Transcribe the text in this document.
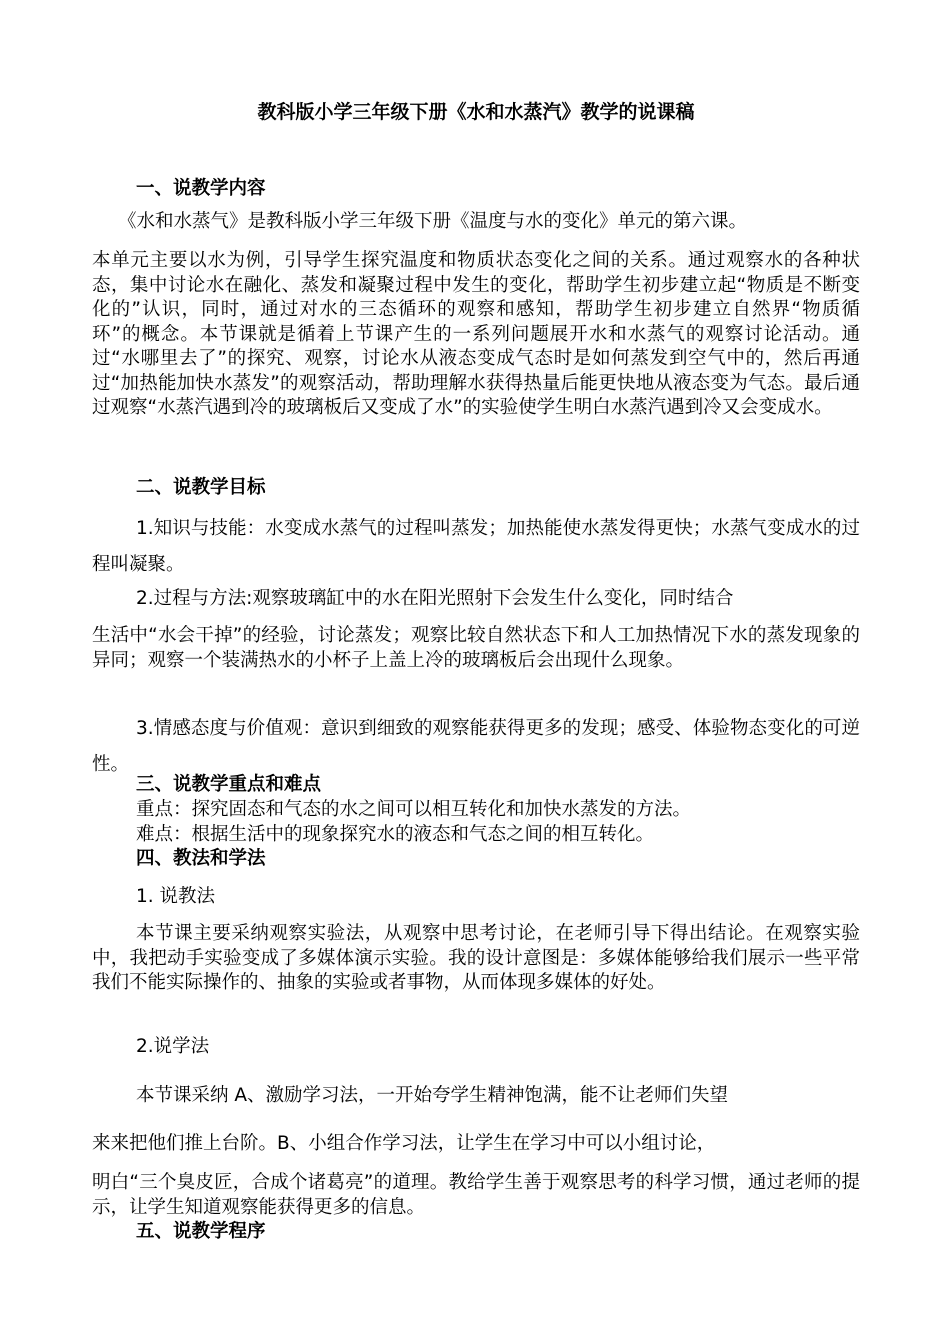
教科版小学三年级下册《水和水蒸汽》教学的说课稿
一、说教学内容
《水和水蒸气》是教科版小学三年级下册《温度与水的变化》单元的第六课。
本单元主要以水为例，引导学生探究温度和物质状态变化之间的关系。通过观察水的各种状态，集中讨论水在融化、蒸发和凝聚过程中发生的变化，帮助学生初步建立起“物质是不断变化的”认识，同时，通过对水的三态循环的观察和感知，帮助学生初步建立自然界“物质循环”的概念。本节课就是循着上节课产生的一系列问题展开水和水蒸气的观察讨论活动。通过“水哪里去了”的探究、观察，讨论水从液态变成气态时是如何蒸发到空气中的，然后再通过“加热能加快水蒸发”的观察活动，帮助理解水获得热量后能更快地从液态变为气态。最后通过观察“水蒸汽遇到冷的玻璃板后又变成了水”的实验使学生明白水蒸汽遇到冷又会变成水。
二、说教学目标
1.知识与技能：水变成水蒸气的过程叫蒸发；加热能使水蒸发得更快；水蒸气变成水的过程叫凝聚。
2.过程与方法:观察玻璃缸中的水在阳光照射下会发生什么变化，同时结合
生活中“水会干掉”的经验，讨论蒸发；观察比较自然状态下和人工加热情况下水的蒸发现象的异同；观察一个装满热水的小杯子上盖上冷的玻璃板后会出现什么现象。
3.情感态度与价值观：意识到细致的观察能获得更多的发现；感受、体验物态变化的可逆性。
三、说教学重点和难点
重点：探究固态和气态的水之间可以相互转化和加快水蒸发的方法。
难点：根据生活中的现象探究水的液态和气态之间的相互转化。
四、教法和学法
1. 说教法
本节课主要采纳观察实验法，从观察中思考讨论，在老师引导下得出结论。在观察实验中，我把动手实验变成了多媒体演示实验。我的设计意图是：多媒体能够给我们展示一些平常我们不能实际操作的、抽象的实验或者事物，从而体现多媒体的好处。
2.说学法
本节课采纳 A、激励学习法，一开始夸学生精神饱满，能不让老师们失望
来来把他们推上台阶。B、小组合作学习法，让学生在学习中可以小组讨论，
明白“三个臭皮匠，合成个诸葛亮”的道理。教给学生善于观察思考的科学习惯，通过老师的提示，让学生知道观察能获得更多的信息。
五、说教学程序
